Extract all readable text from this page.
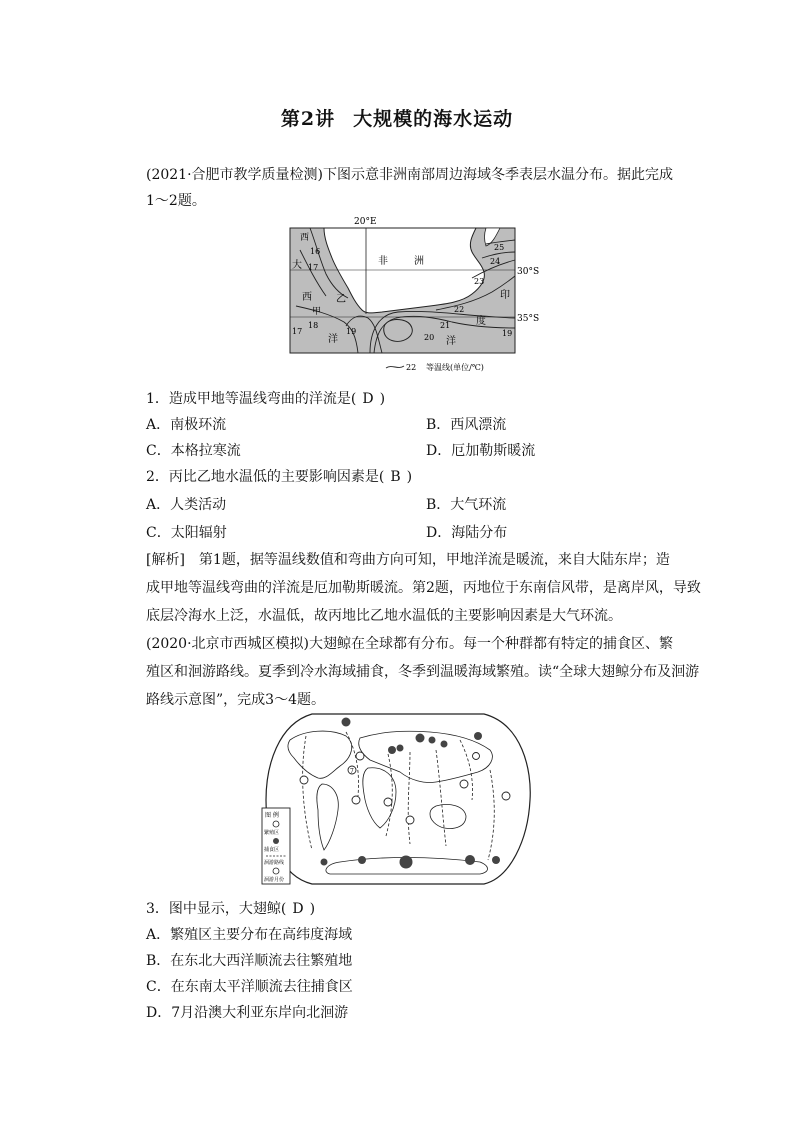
第2讲 大规模的海水运动
(2021·合肥市教学质量检测)下图示意非洲南部周边海域冬季表层水温分布。据此完成
1～2题。
20°E
30°S
35°S
西
大
西
甲
乙
洋
非	洲
印
度
洋
16
17
18
19
17
20
21
22
23
24
25
19
22 等温线(单位/℃)
1．造成甲地等温线弯曲的洋流是( D )
A．南极环流	B．西风漂流
C．本格拉寒流	D．厄加勒斯暖流
2．丙比乙地水温低的主要影响因素是( B )
A．人类活动	B．大气环流
C．太阳辐射	D．海陆分布
[解析]　第1题，据等温线数值和弯曲方向可知，甲地洋流是暖流，来自大陆东岸；造
成甲地等温线弯曲的洋流是厄加勒斯暖流。第2题，丙地位于东南信风带，是离岸风，导致
底层冷海水上泛，水温低，故丙地比乙地水温低的主要影响因素是大气环流。
(2020·北京市西城区模拟)大翅鲸在全球都有分布。每一个种群都有特定的捕食区、繁
殖区和洄游路线。夏季到冷水海域捕食，冬季到温暖海域繁殖。读“全球大翅鲸分布及洄游
路线示意图”，完成3～4题。
7
图 例
繁殖区
捕食区
洄游路线
洄游月份
3．图中显示，大翅鲸( D )
A．繁殖区主要分布在高纬度海域
B．在东北大西洋顺流去往繁殖地
C．在东南太平洋顺流去往捕食区
D．7月沿澳大利亚东岸向北洄游
